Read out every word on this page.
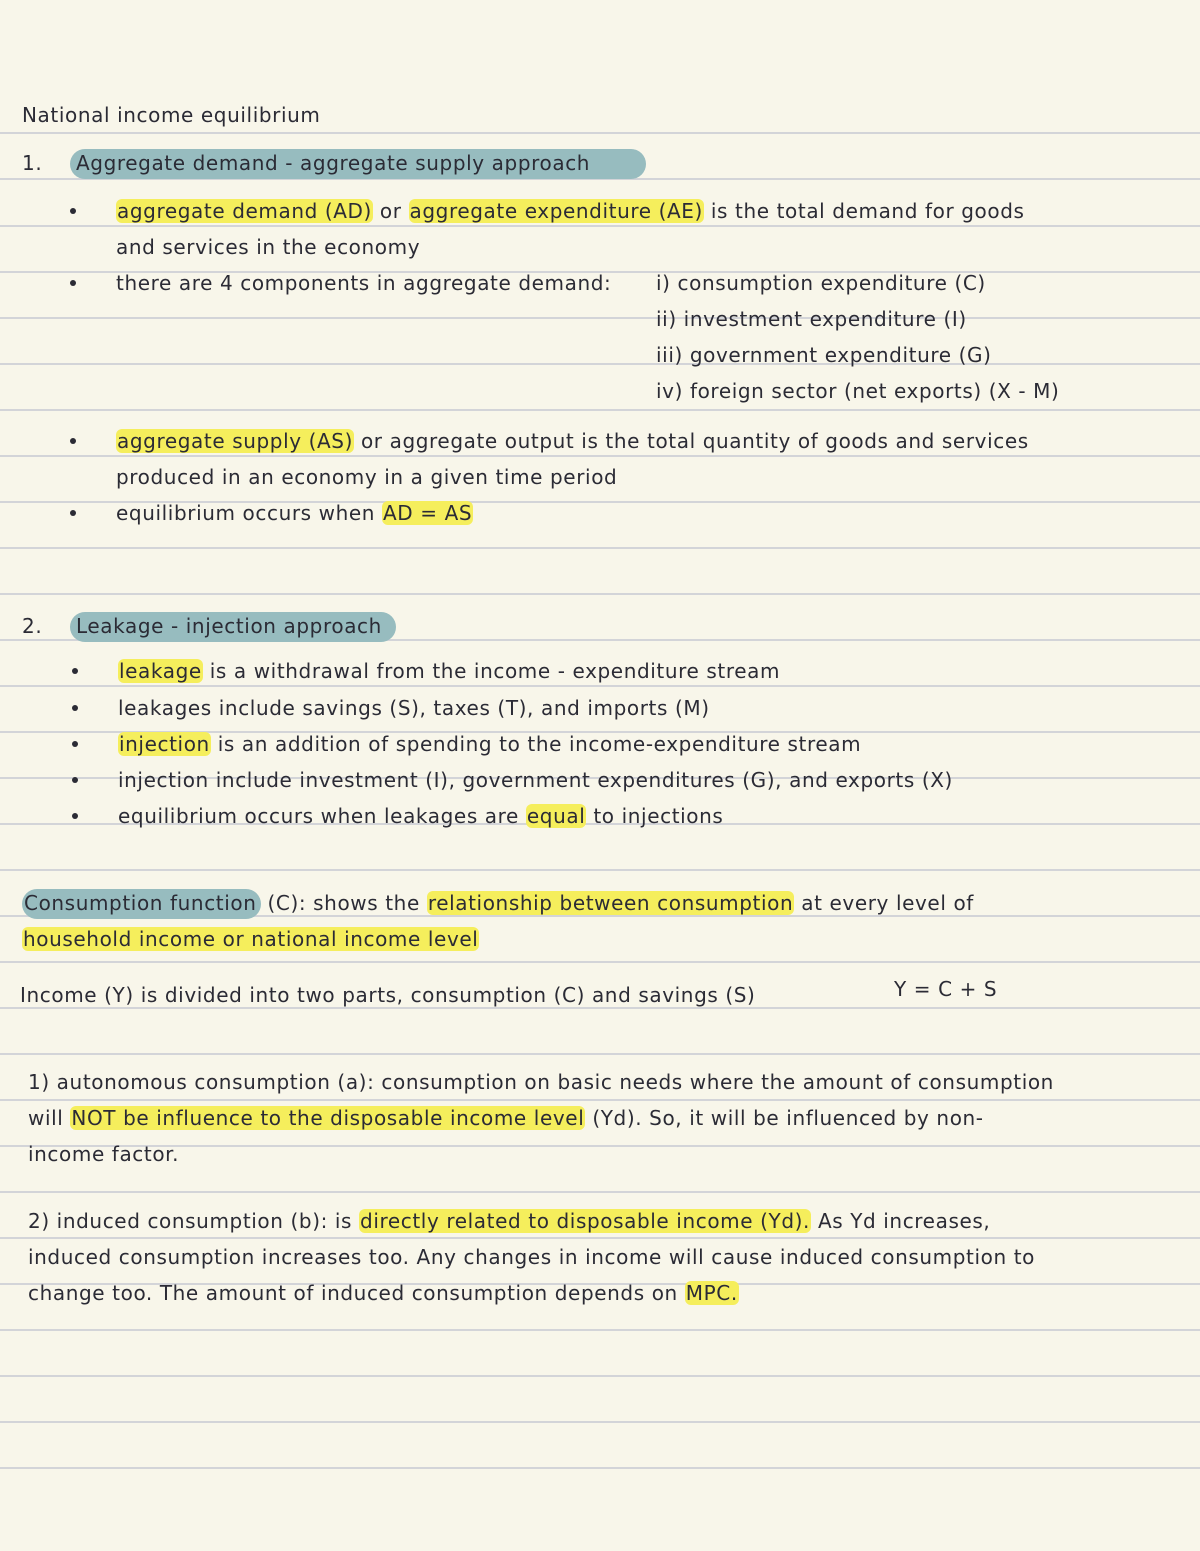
National income equilibrium

1.	Aggregate demand - aggregate supply approach

aggregate demand (AD) or aggregate expenditure (AE) is the total demand for goods

and services in the economy

there are 4 components in aggregate demand: i) consumption expenditure (C)

ii) investment expenditure (I)

iii) government expenditure (G)

iv) foreign sector (net exports) (X - M)

aggregate supply (AS) or aggregate output is the total quantity of goods and services

produced in an economy in a given time period

equilibrium occurs when AD = AS

2.	Leakage - injection approach

leakage is a withdrawal from the income - expenditure stream

leakages include savings (S), taxes (T), and imports (M)

injection is an addition of spending to the income-expenditure stream

injection include investment (I), government expenditures (G), and exports (X)

equilibrium occurs when leakages are equal to injections

Consumption function (C): shows the relationship between consumption at every level of

household income or national income level

Income (Y) is divided into two parts, consumption (C) and savings (S)	Y = C + S

1) autonomous consumption (a): consumption on basic needs where the amount of consumption

will NOT be influence to the disposable income level (Yd). So, it will be influenced by non-

income factor.

2) induced consumption (b): is directly related to disposable income (Yd). As Yd increases,

induced consumption increases too. Any changes in income will cause induced consumption to

change too. The amount of induced consumption depends on MPC.
